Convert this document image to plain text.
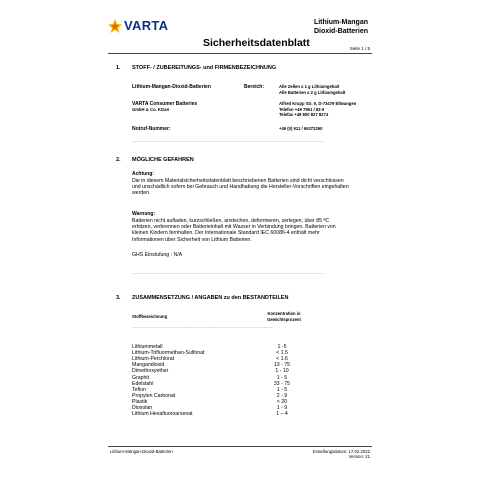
VARTA	Lithium-Mangan
Dioxid-Batterien
Sicherheitsdatenblatt	Seite 1 / 5
1. STOFF- / ZUBEREITUNGS- und FIRMENBEZEICHNUNG
Lithium-Mangan-Dioxid-Batterien	Bereich:	Alle Zellen ≤ 1 g Lithiumgehalt
Alle Batterien ≤ 2 g Lithiumgehalt
VARTA Consumer Batteries
GmbH & Co. KGaA
Alfred Krupp Str. 9, D-73479 Ellwangen
Telefon +49 7961 / 83-0
Telefax +49 800 827 8274
Notruf-Nummer:	+49 (0) 911 / 65372260
……………………………………………………………………………………………………………
2. MÖGLICHE GEFAHREN
Achtung:
Die in diesem Materialsicherheitsdatenblatt beschriebenen Batterien sind dicht verschlossen
und unschädlich sofern bei Gebrauch und Handhabung die Hersteller-Vorschriften eingehalten
werden.
Warnung:
Batterien nicht aufladen, kurzschließen, anstechen, deformieren, zerlegen, über 85 ºC
erhitzen, verbrennen oder Batterieinhalt mit Wasser in Verbindung bringen. Batterien von
kleinen Kindern fernhalten. Der Internationale Standard IEC 60086-4 enthält mehr
Informationen über Sicherheit von Lithium Batterien.
GHS Einstufung : N/A
……………………………………………………………………………………………………………
3. ZUSAMMENSETZUNG / ANGABEN zu den BESTANDTEILEN
Stoffbezeichnung
Konzentration in
Gewichtsprozent
………………………………………………………………………………
Lithiummetall	1 -5
Lithium-Trifluormethan-Sulfonat	< 1.5
Lithium-Perchlorat	< 1.6
Mangandioxid	13 - 75
Dimethoxyether	1 - 10
Graphit	1 - 5
Edelstahl	33 - 75
Teflon	1 - 5
Propylen Carbonat	2 - 9
Plastik	< 20
Dioxolan	1 - 9
Lithium Hexafluoroarsenat	1 – 4
Lithium-Mangan-Dioxid-Batterien	Erstellungsdatum: 17.02.2022
Version: 21
